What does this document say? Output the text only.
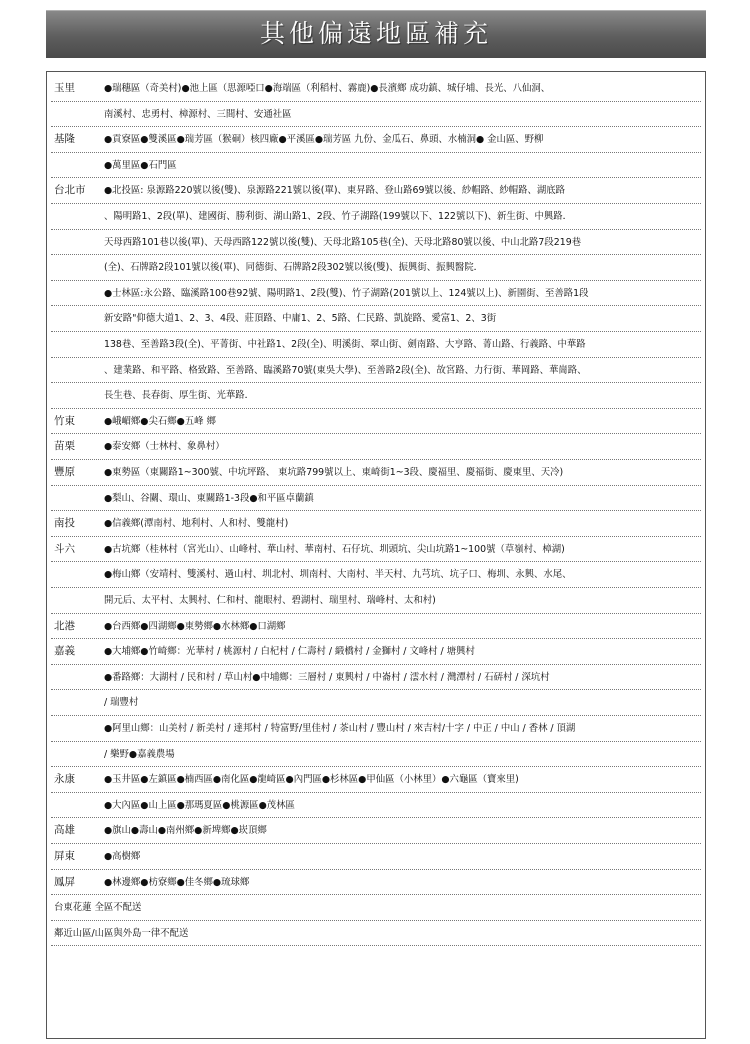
其他偏遠地區補充
玉里	●瑞穗區（奇美村)●池上區（思源啞口●海端區（利稻村、霧鹿)●長濱鄉 成功鎮、城仔埔、長光、八仙洞、
南溪村、忠勇村、樟源村、三間村、安通社區
基隆	●貢寮區●雙溪區●瑞芳區（猴硐）核四廠●平溪區●瑞芳區 九份、金瓜石、鼻頭、水楠洞● 金山區、野柳
●萬里區●石門區
台北市 ●北投區: 泉源路220號以後(雙)、泉源路221號以後(單)、東昇路、登山路69號以後、紗帽路、紗帽路、湖底路
、陽明路1、2段(單)、建國街、勝利街、湖山路1、2段、竹子湖路(199號以下、122號以下)、新生街、中興路．
天母西路101巷以後(單)、天母西路122號以後(雙)、天母北路105巷(全)、天母北路80號以後、中山北路7段219巷
(全)、石牌路2段101號以後(單)、同德街、石牌路2段302號以後(雙)、振興街、振興醫院．
●士林區:永公路、臨溪路100巷92號、陽明路1、2段(雙)、竹子湖路(201號以上、124號以上)、新園街、至善路1段
新安路"仰德大道1、2、3、4段、莊頂路、中庸1、2、5路、仁民路、凱旋路、愛富1、2、3街
138巷、至善路3段(全)、平菁街、中社路1、2段(全)、明溪街、翠山街、劍南路、大亨路、菁山路、行義路、中華路
、建業路、和平路、格致路、至善路、臨溪路70號(東吳大學)、至善路2段(全)、故宮路、力行街、華岡路、華崗路、
長生巷、長春街、厚生街、光華路．
竹東	●峨嵋鄉●尖石鄉●五峰 鄉
苗栗	●泰安鄉（士林村、象鼻村）
豐原	●東勢區（東關路1~300號、中坑坪路、 東坑路799號以上、東崎街1~3段、慶福里、慶福街、慶東里、天冷)
●梨山、谷關、環山、東關路1-3段●和平區卓蘭鎮
南投	●信義鄉(潭南村、地利村、人和村、雙龍村)
斗六	●古坑鄉（桂林村（宮光山）、山峰村、華山村、華南村、石仔坑、圳頭坑、尖山坑路1~100號（草嶺村、樟湖)
●梅山鄉（安靖村、雙溪村、過山村、圳北村、圳南村、大南村、半天村、九芎坑、坑子口、梅圳、永興、水尾、
開元后、太平村、太興村、仁和村、龍眼村、碧湖村、瑞里村、瑞峰村、太和村)
北港	●台西鄉●四湖鄉●東勢鄉●水林鄉●口湖鄉
嘉義	●大埔鄉●竹崎鄉：光華村 / 桃源村 / 白杞村 / 仁壽村 / 緞橋村 / 金獅村 / 文峰村 / 塘興村
●番路鄉：大湖村 / 民和村 / 草山村●中埔鄉：三層村 / 東興村 / 中崙村 / 澐水村 / 灣潭村 / 石硦村 / 深坑村
/ 瑞豐村
●阿里山鄉：山美村 / 新美村 / 達邦村 / 特富野/里佳村 / 茶山村 / 豐山村 / 來吉村/十字 / 中正 / 中山 / 香林 / 頂湖
/ 樂野●嘉義農場
永康	●玉井區●左鎮區●楠西區●南化區●龍崎區●內門區●杉林區●甲仙區（小林里）●六龜區（寶來里)
●大內區●山上區●那瑪夏區●桃源區●茂林區
高雄	●旗山●壽山●南州鄉●新埤鄉●崁頂鄉
屏東	●高樹鄉
鳳屏	●林邊鄉●枋寮鄉●佳冬鄉●琉球鄉
台東花蓮 全區不配送
鄰近山區/山區與外島一律不配送
